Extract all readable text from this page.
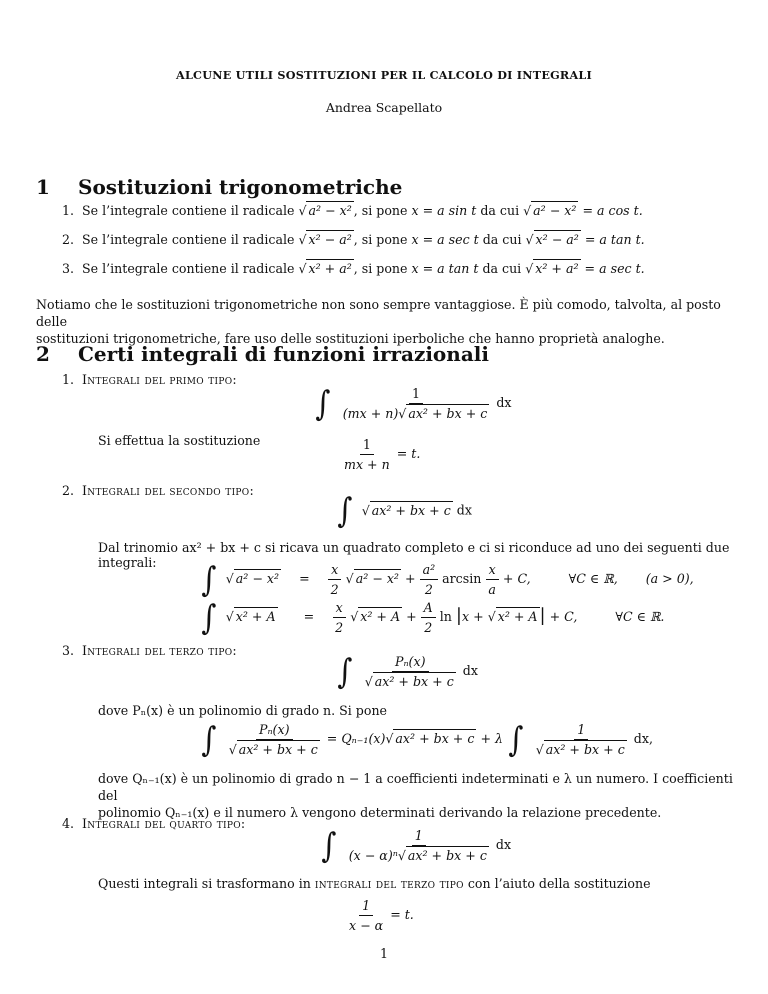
ALCUNE UTILI SOSTITUZIONI PER IL CALCOLO DI INTEGRALI
Andrea Scapellato
1 Sostituzioni trigonometriche
1. Se l’integrale contiene il radicale √ a² − x² , si pone x = a sin t da cui √ a² − x² = a cos t.
2. Se l’integrale contiene il radicale √ x² − a² , si pone x = a sec t da cui √ x² − a² = a tan t.
3. Se l’integrale contiene il radicale √ x² + a² , si pone x = a tan t da cui √ x² + a² = a sec t.
Notiamo che le sostituzioni trigonometriche non sono sempre vantaggiose. È più comodo, talvolta, al posto delle
sostituzioni trigonometriche, fare uso delle sostituzioni iperboliche che hanno proprietà analoghe.
2 Certi integrali di funzioni irrazionali
1. Integrali del primo tipo:
∫ $\frac{1}{\text{(mx + n)√ ax² + bx + c}}$ dx
Si effettua la sostituzione	$\frac{1}{mx + n} = t$.
2. Integrali del secondo tipo:
∫ √ ax² + bx + c dx
Dal trinomio ax² + bx + c si ricava un quadrato completo e ci si riconduce ad uno dei seguenti due integrali:	∫ √ $a^2 - x^2 = \frac{x}{2}$ √ $a^2 - x^2 + \frac{\text{a²}}{2}$ $\arcsin \frac{x}{a} + C$,	∀C ∈ ℝ, (a > 0),
∫ √ $x^2 + A = \frac{x}{2}$ √ $x^2 + A + \frac{A}{2}$ ln |x + √ x² + A | + C,	∀C ∈ ℝ.
3. Integrali del terzo tipo:
∫ $\frac{\text{Pₙ(x)}}{\text{√ ax² + bx + c}}$ dx
dove Pₙ(x) è un polinomio di grado n. Si pone
∫ $\frac{\text{Pₙ(x)}}{\text{√ ax² + bx + c}} = Q_{n-1}(x)√$ ax² + bx + c + λ ∫ $\frac{1}{\text{√ ax² + bx + c}}$ dx,
dove Qₙ₋₁(x) è un polinomio di grado n − 1 a coefficienti indeterminati e λ un numero. I coefficienti del
polinomio Qₙ₋₁(x) e il numero λ vengono determinati derivando la relazione precedente.
4. Integrali del quarto tipo:
∫ $\frac{1}{\text{(x − α)ⁿ√ ax² + bx + c}}$ dx
Questi integrali si trasformano in integrali del terzo tipo con l’aiuto della sostituzione
$\frac{1}{x - \alpha} = t$.
1
